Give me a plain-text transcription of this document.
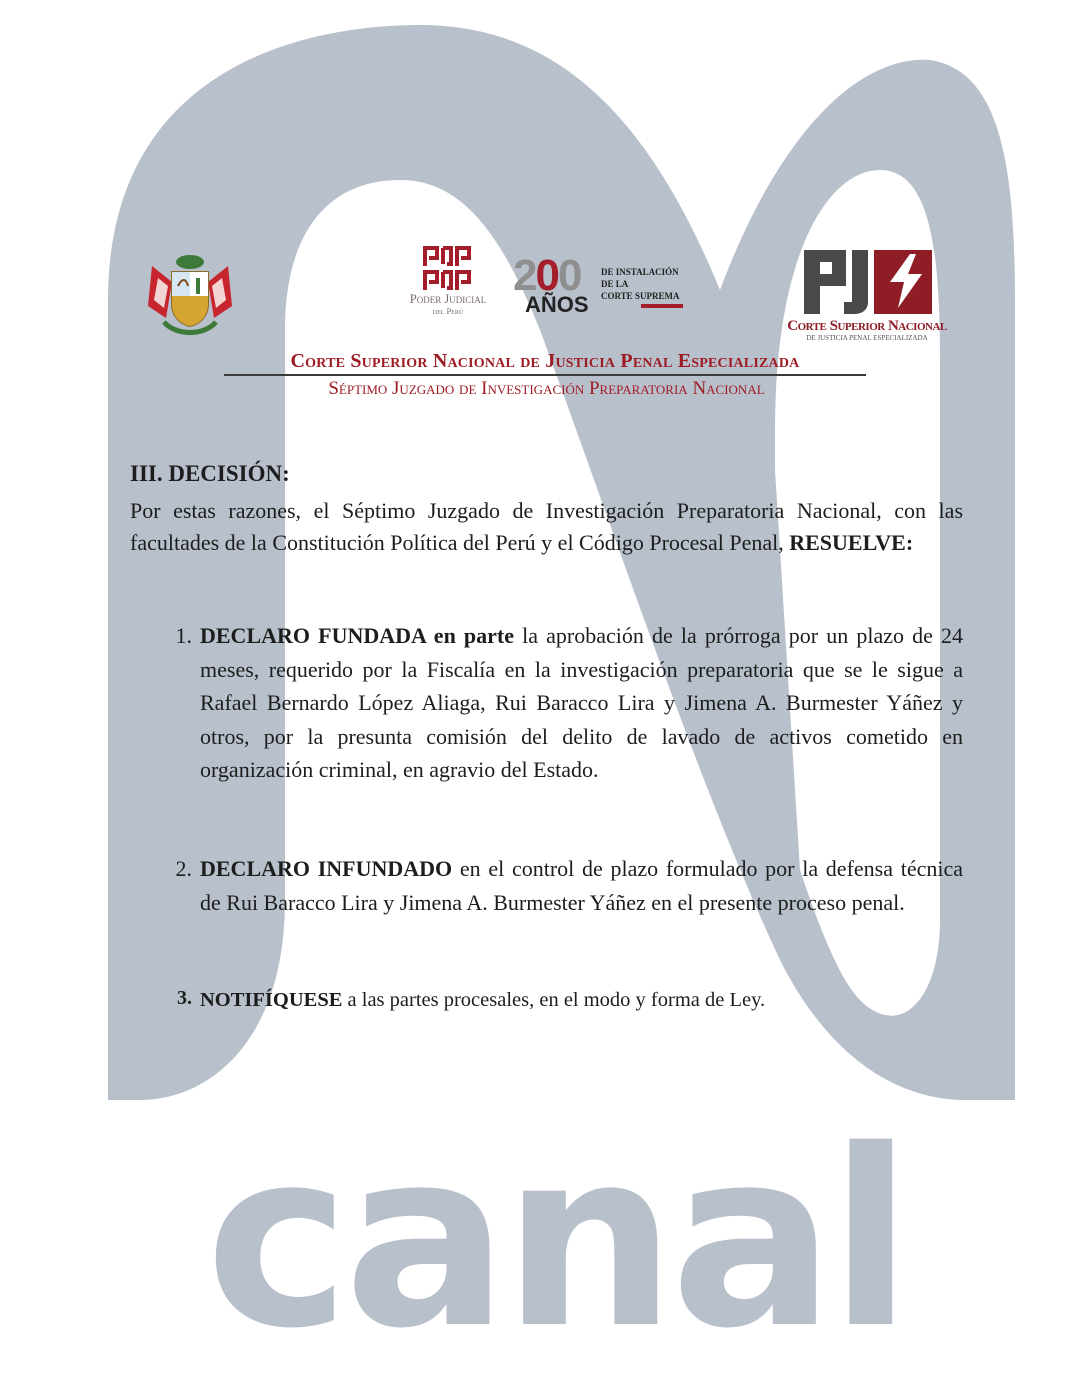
canal
Poder Judicial
del Perú
200
AÑOS
DE INSTALACIÓN
DE LA
CORTE SUPREMA
Corte Superior Nacional
DE JUSTICIA PENAL ESPECIALIZADA
Corte Superior Nacional de Justicia Penal Especializada
Séptimo Juzgado de Investigación Preparatoria Nacional
III. DECISIÓN:
Por estas razones, el Séptimo Juzgado de Investigación Preparatoria Nacional, con las facultades de la Constitución Política del Perú y el Código Procesal Penal, RESUELVE:
1. DECLARO FUNDADA en parte la aprobación de la prórroga por un plazo de 24 meses, requerido por la Fiscalía en la investigación preparatoria que se le sigue a Rafael Bernardo López Aliaga, Rui Baracco Lira y Jimena A. Burmester Yáñez y otros, por la presunta comisión del delito de lavado de activos cometido en organización criminal, en agravio del Estado.
2. DECLARO INFUNDADO en el control de plazo formulado por la defensa técnica de Rui Baracco Lira y Jimena A. Burmester Yáñez en el presente proceso penal.
3. NOTIFÍQUESE a las partes procesales, en el modo y forma de Ley.
